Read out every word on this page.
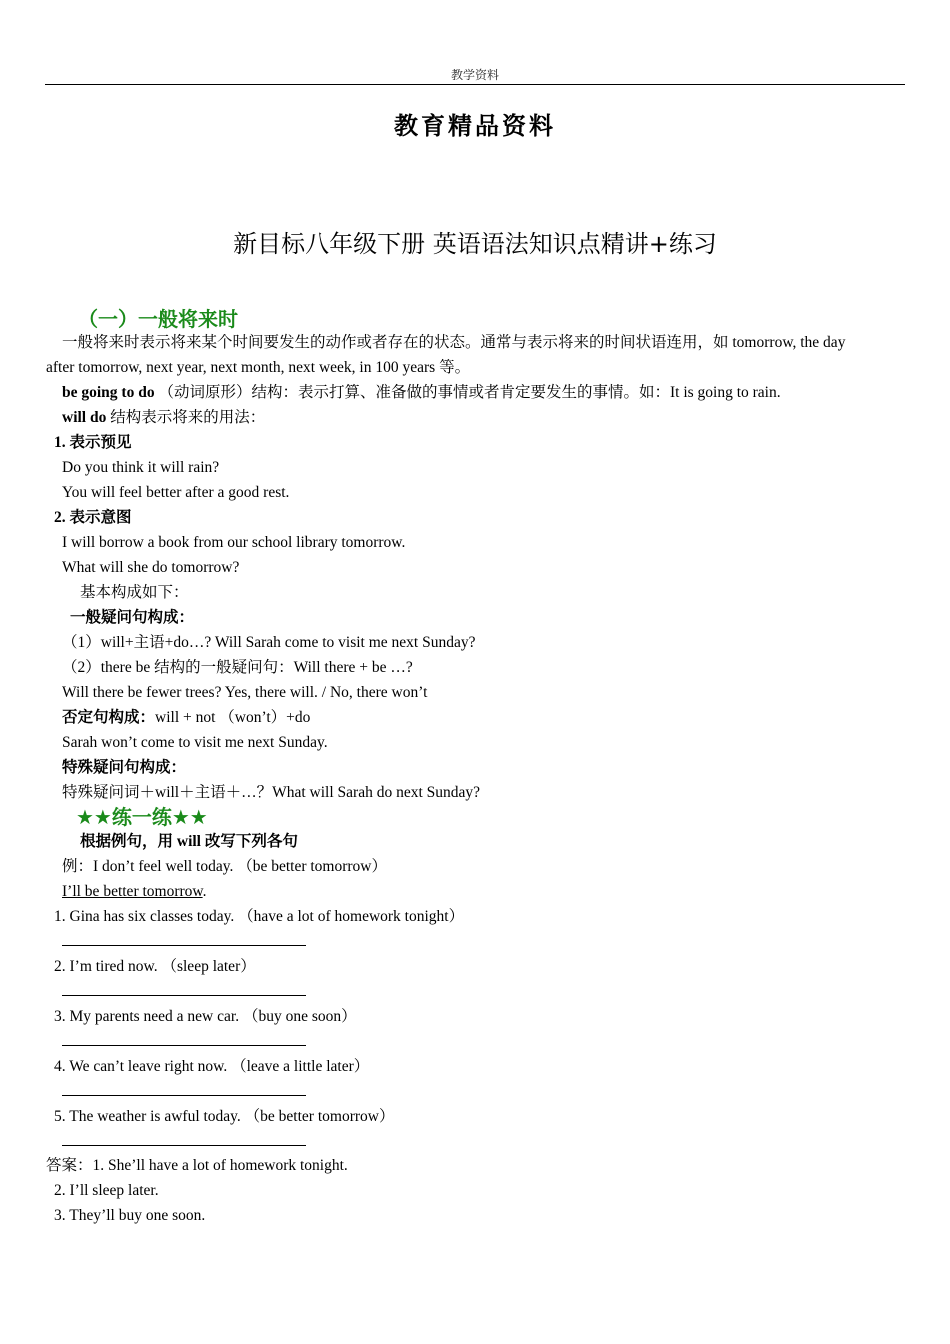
教学资料
教育精品资料
新目标八年级下册 英语语法知识点精讲+练习
（一）一般将来时
一般将来时表示将来某个时间要发生的动作或者存在的状态。通常与表示将来的时间状语连用，如 tomorrow, the day
after tomorrow, next year, next month, next week, in 100 years 等。
be going to do （动词原形）结构：表示打算、准备做的事情或者肯定要发生的事情。如：It is going to rain.
will do 结构表示将来的用法：
1. 表示预见
Do you think it will rain?
You will feel better after a good rest.
2. 表示意图
I will borrow a book from our school library tomorrow.
What will she do tomorrow?
基本构成如下：
一般疑问句构成：
（1）will+主语+do…? Will Sarah come to visit me next Sunday?
（2）there be 结构的一般疑问句：Will there + be …?
Will there be fewer trees? Yes, there will. / No, there won’t
否定句构成：will + not （won’t）+do
Sarah won’t come to visit me next Sunday.
特殊疑问句构成：
特殊疑问词＋will＋主语＋…？What will Sarah do next Sunday?
★★练一练★★
根据例句，用 will 改写下列各句
例：I don’t feel well today. （be better tomorrow）
I’ll be better tomorrow.
1. Gina has six classes today. （have a lot of homework tonight）
2. I’m tired now. （sleep later）
3. My parents need a new car. （buy one soon）
4. We can’t leave right now. （leave a little later）
5. The weather is awful today. （be better tomorrow）
答案：1. She’ll have a lot of homework tonight.
2. I’ll sleep later.
3. They’ll buy one soon.
